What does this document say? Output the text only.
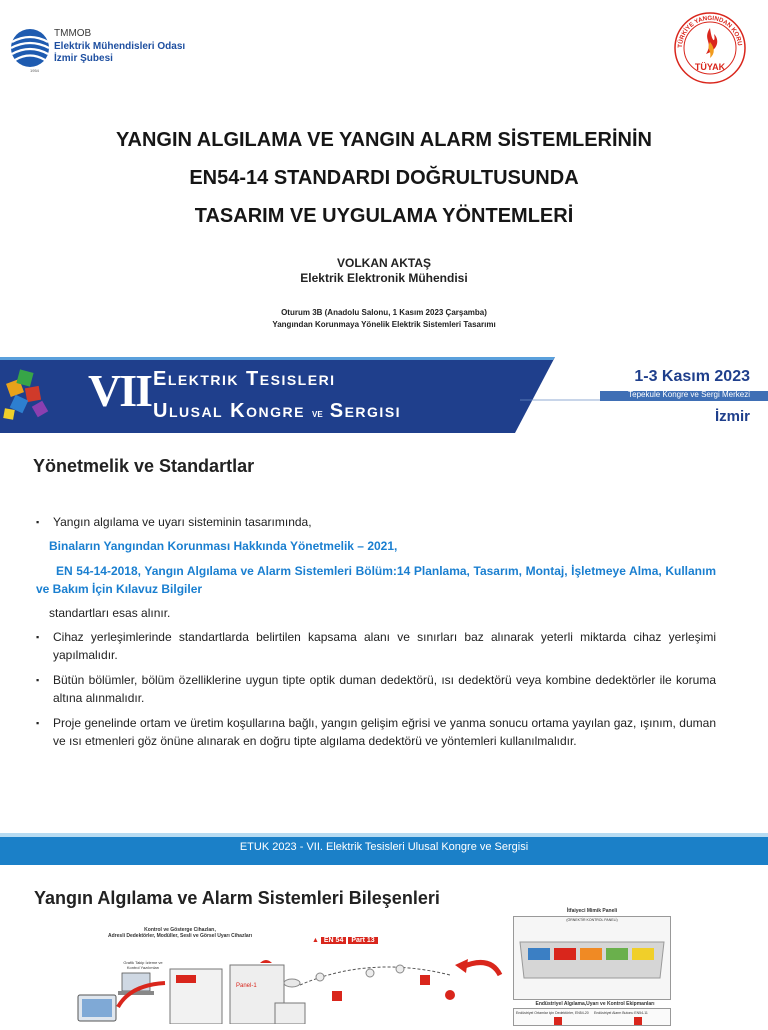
1954
TMMOB
Elektrik Mühendisleri Odası
İzmir Şubesi
TÜRKİYE YANGINDAN KORU
TÜYAK
YANGIN ALGILAMA VE YANGIN ALARM SİSTEMLERİNİN
EN54-14 STANDARDI DOĞRULTUSUNDA
TASARIM VE UYGULAMA YÖNTEMLERİ
VOLKAN AKTAŞ
Elektrik Elektronik Mühendisi
Oturum 3B (Anadolu Salonu, 1 Kasım 2023 Çarşamba)
Yangından Korunmaya Yönelik Elektrik Sistemleri Tasarımı
VII Elektrik Tesisleri
Ulusal Kongre ve Sergisi
1-3 Kasım 2023
Tepekule Kongre ve Sergi Merkezi
İzmir
Yönetmelik ve Standartlar
▪ Yangın algılama ve uyarı sisteminin tasarımında,
Binaların Yangından Korunması Hakkında Yönetmelik – 2021,
EN 54-14-2018, Yangın Algılama ve Alarm Sistemleri Bölüm:14 Planlama, Tasarım, Montaj, İşletmeye Alma, Kullanım ve Bakım İçin Kılavuz Bilgiler
standartları esas alınır.
▪ Cihaz yerleşimlerinde standartlarda belirtilen kapsama alanı ve sınırları baz alınarak yeterli miktarda cihaz yerleşimi yapılmalıdır.
▪ Bütün bölümler, bölüm özelliklerine uygun tipte optik duman dedektörü, ısı dedektörü veya kombine dedektörler ile koruma altına alınmalıdır.
▪ Proje genelinde ortam ve üretim koşullarına bağlı, yangın gelişim eğrisi ve yanma sonucu ortama yayılan gaz, ışınım, duman ve ısı etmenleri göz önüne alınarak en doğru tipte algılama dedektörü ve yöntemleri kullanılmalıdır.
ETUK 2023 - VII. Elektrik Tesisleri Ulusal Kongre ve Sergisi
Yangın Algılama ve Alarm Sistemleri Bileşenleri
Kontrol ve Gösterge Cihazları,
Adresli Dedektörler, Modüller, Sesli ve Görsel Uyarı Cihazları
▲ EN 54 Part 13
Grafik Takip İzleme ve Kontrol Yazılımları
Panel-1
İtfaiyeci Mimik Paneli
(ÖRNEKTİR KONTROL PANELİ)
Endüstriyel Algılama,Uyarı ve Kontrol Ekipmanları
Endüstriyel Ortamlar için Dedektörler, EN54-20 Endüstriyel Alarm Butonu EN54-11
